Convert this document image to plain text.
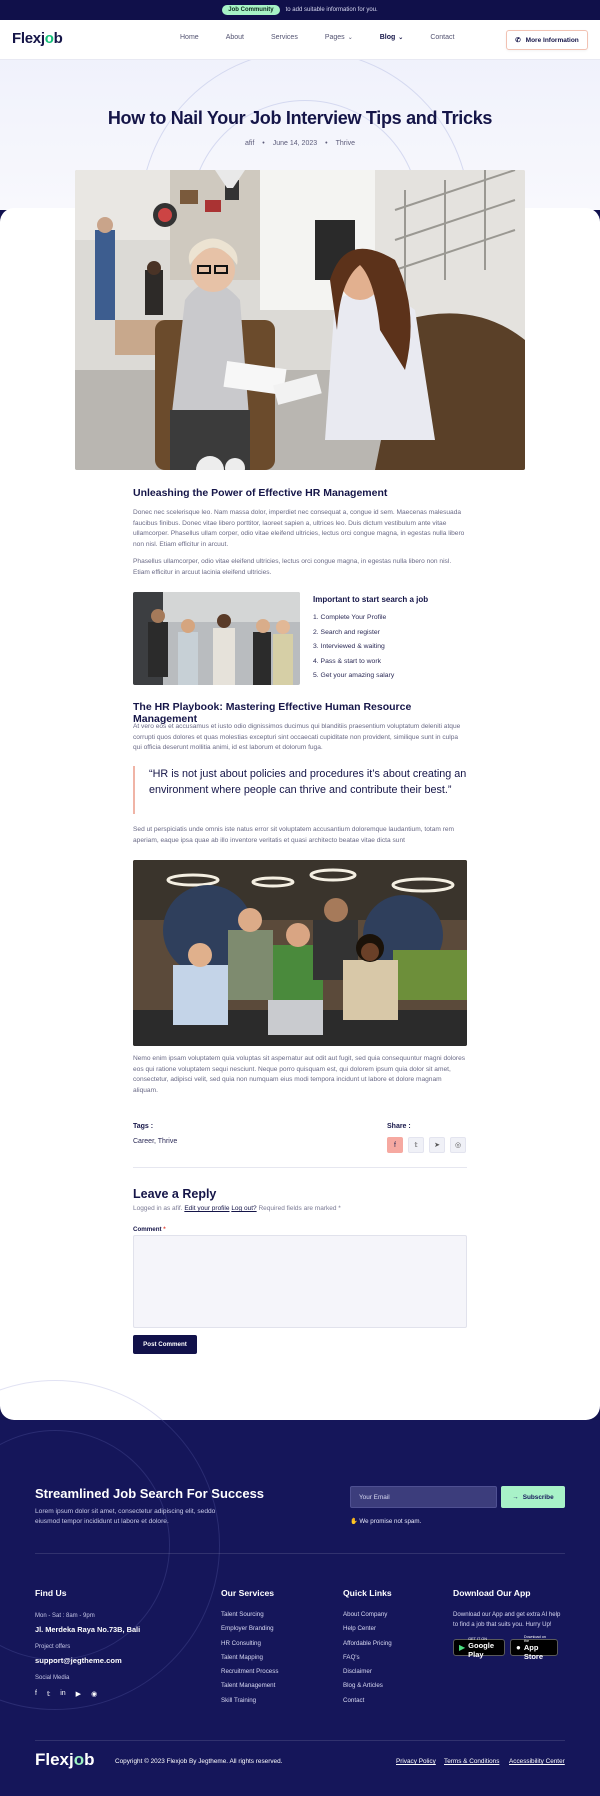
Job Community	to add suitable information for you.
Flexjob	Home	About	Services	Pages ⌄	Blog ⌄	Contact	✆ More Information
How to Nail Your Job Interview Tips and Tricks
afif • June 14, 2023 • Thrive
Unleashing the Power of Effective HR Management
Donec nec scelerisque leo. Nam massa dolor, imperdiet nec consequat a, congue id sem. Maecenas malesuada faucibus finibus. Donec vitae libero porttitor, laoreet sapien a, ultrices leo. Duis dictum vestibulum ante vitae ullamcorper. Phasellus ullam corper, odio vitae eleifend ultricies, lectus orci congue magna, in egestas nulla libero non nisl. Etiam efficitur in arcuut.
Phasellus ullamcorper, odio vitae eleifend ultricies, lectus orci congue magna, in egestas nulla libero non nisl. Etiam efficitur in arcuut lacinia eleifend ultricies.
Important to start search a job
1. Complete Your Profile
2. Search and register
3. Interviewed & waiting
4. Pass & start to work
5. Get your amazing salary
The HR Playbook: Mastering Effective Human Resource Management
At vero eos et accusamus et iusto odio dignissimos ducimus qui blanditiis praesentium voluptatum deleniti atque corrupti quos dolores et quas molestias excepturi sint occaecati cupiditate non provident, similique sunt in culpa qui officia deserunt mollitia animi, id est laborum et dolorum fuga.
“HR is not just about policies and procedures it’s about creating an environment where people can thrive and contribute their best.”
Sed ut perspiciatis unde omnis iste natus error sit voluptatem accusantium doloremque laudantium, totam rem aperiam, eaque ipsa quae ab illo inventore veritatis et quasi architecto beatae vitae dicta sunt
Nemo enim ipsam voluptatem quia voluptas sit aspernatur aut odit aut fugit, sed quia consequuntur magni dolores eos qui ratione voluptatem sequi nesciunt. Neque porro quisquam est, qui dolorem ipsum quia dolor sit amet, consectetur, adipisci velit, sed quia non numquam eius modi tempora incidunt ut labore et dolore magnam aliquam.
Tags :
Career, Thrive
Share :
f	𝕥	➤	◎
Leave a Reply
Logged in as afif. Edit your profile Log out? Required fields are marked *
Comment *
Post Comment
Streamlined Job Search For Success
Lorem ipsum dolor sit amet, consectetur adipiscing elit, seddo eiusmod tempor incididunt ut labore et dolore.
Your Email	→ Subscribe
✋ We promise not spam.
Find Us
Mon - Sat : 8am - 9pm
Jl. Merdeka Raya No.73B, Bali
Project offers
support@jegtheme.com
Social Media
f 𝕥 in ▶ ◉
Our Services
Talent Sourcing
Employer Branding
HR Consulting
Talent Mapping
Recruitment Process
Talent Management
Skill Training
Quick Links
About Company
Help Center
Affordable Pricing
FAQ's
Disclaimer
Blog & Articles
Contact
Download Our App
Download our App and get extra AI help to find a job that suits you. Hurry Up!
▶
GET IT ON
Google Play
●
Download on the
App Store
Flexjob	Copyright © 2023 Flexjob By Jegtheme. All rights reserved.	Privacy Policy Terms & Conditions Accessibility Center
